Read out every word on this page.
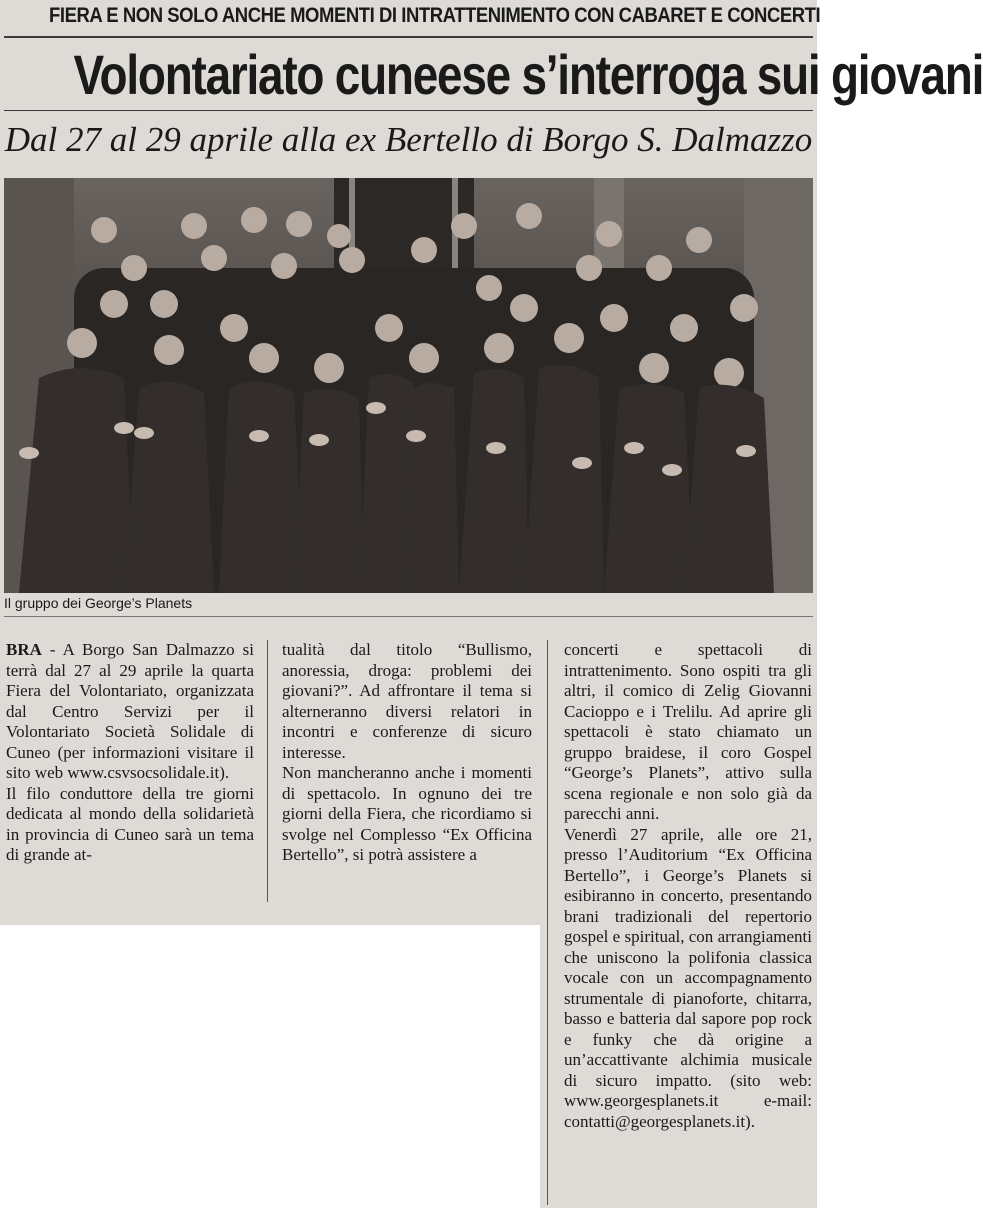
FIERA E NON SOLO ANCHE MOMENTI DI INTRATTENIMENTO CON CABARET E CONCERTI
Volontariato cuneese s’interroga sui giovani
Dal 27 al 29 aprile alla ex Bertello di Borgo S. Dalmazzo
Il gruppo dei George’s Planets

BRA - A Borgo San Dalmazzo si terrà dal 27 al 29 aprile la quarta Fiera del Volontariato, organizzata dal Centro Servizi per il Volontariato Società Solidale di Cuneo (per informazioni visitare il sito web www.csvsocsolidale.it).

Il filo conduttore della tre giorni dedicata al mondo della solidarietà in provincia di Cuneo sarà un tema di grande at-

tualità dal titolo “Bullismo, anoressia, droga: problemi dei giovani?”. Ad affrontare il tema si alterneranno diversi relatori in incontri e conferenze di sicuro interesse.

Non mancheranno anche i momenti di spettacolo. In ognuno dei tre giorni della Fiera, che ricordiamo si svolge nel Complesso “Ex Officina Bertello”, si potrà assistere a

concerti e spettacoli di intrattenimento. Sono ospiti tra gli altri, il comico di Zelig Giovanni Cacioppo e i Trelilu. Ad aprire gli spettacoli è stato chiamato un gruppo braidese, il coro Gospel “George’s Planets”, attivo sulla scena regionale e non solo già da parecchi anni.

Venerdì 27 aprile, alle ore 21, presso l’Auditorium “Ex Officina Bertello”, i George’s Planets si esibiranno in concerto, presentando brani tradizionali del repertorio gospel e spiritual, con arrangiamenti che uniscono la polifonia classica vocale con un accompagnamento strumentale di pianoforte, chitarra, basso e batteria dal sapore pop rock e funky che dà origine a un’accattivante alchimia musicale di sicuro impatto. (sito web: www.georgesplanets.it e-mail: contatti@georgesplanets.it).
